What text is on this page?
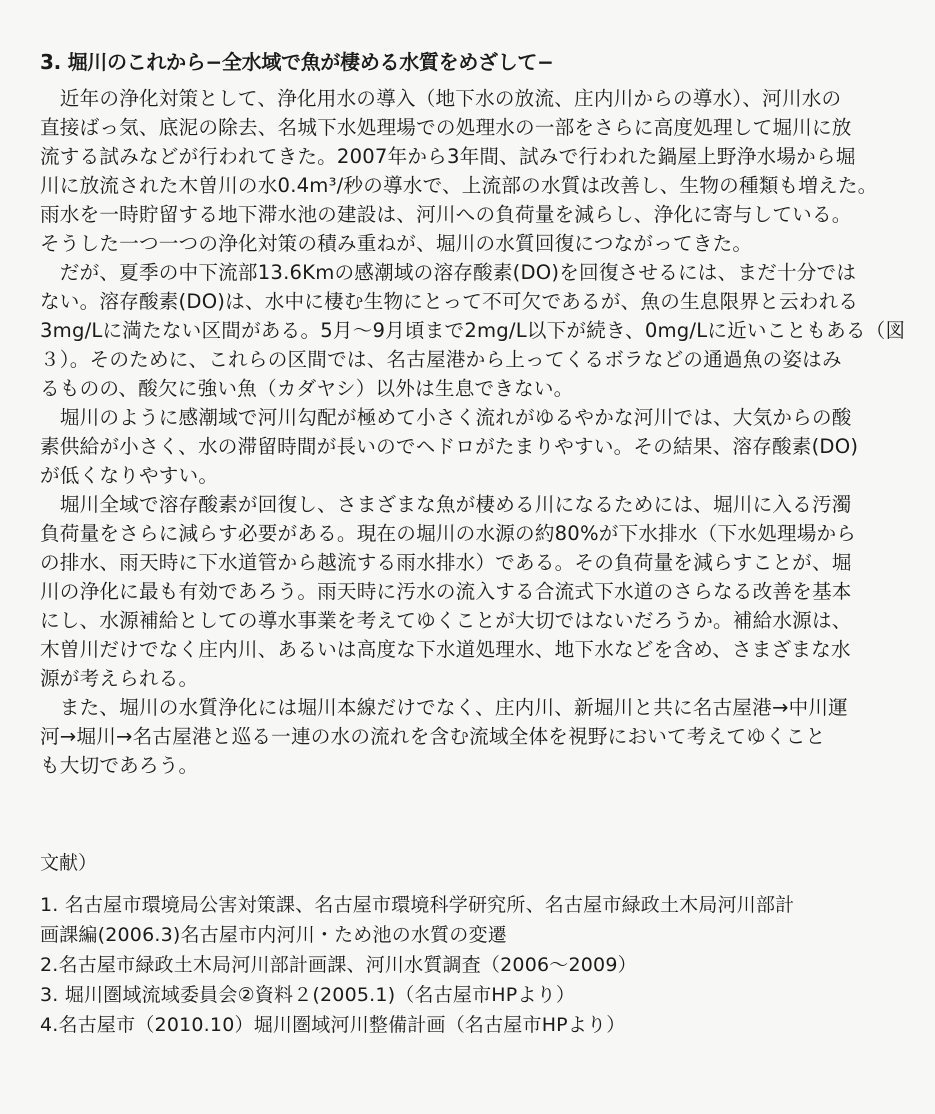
3. 堀川のこれから−全水域で魚が棲める水質をめざして−
　近年の浄化対策として、浄化用水の導入（地下水の放流、庄内川からの導水）、河川水の
直接ばっ気、底泥の除去、名城下水処理場での処理水の一部をさらに高度処理して堀川に放
流する試みなどが行われてきた。2007年から3年間、試みで行われた鍋屋上野浄水場から堀
川に放流された木曽川の水0.4m³/秒の導水で、上流部の水質は改善し、生物の種類も増えた。
雨水を一時貯留する地下滞水池の建設は、河川への負荷量を減らし、浄化に寄与している。
そうした一つ一つの浄化対策の積み重ねが、堀川の水質回復につながってきた。
　だが、夏季の中下流部13.6Kmの感潮域の溶存酸素(DO)を回復させるには、まだ十分では
ない。溶存酸素(DO)は、水中に棲む生物にとって不可欠であるが、魚の生息限界と云われる
3mg/Lに満たない区間がある。5月～9月頃まで2mg/L以下が続き、0mg/Lに近いこともある（図
３）。そのために、これらの区間では、名古屋港から上ってくるボラなどの通過魚の姿はみ
るものの、酸欠に強い魚（カダヤシ）以外は生息できない。
　堀川のように感潮域で河川勾配が極めて小さく流れがゆるやかな河川では、大気からの酸
素供給が小さく、水の滞留時間が長いのでヘドロがたまりやすい。その結果、溶存酸素(DO)
が低くなりやすい。
　堀川全域で溶存酸素が回復し、さまざまな魚が棲める川になるためには、堀川に入る汚濁
負荷量をさらに減らす必要がある。現在の堀川の水源の約80%が下水排水（下水処理場から
の排水、雨天時に下水道管から越流する雨水排水）である。その負荷量を減らすことが、堀
川の浄化に最も有効であろう。雨天時に汚水の流入する合流式下水道のさらなる改善を基本
にし、水源補給としての導水事業を考えてゆくことが大切ではないだろうか。補給水源は、
木曽川だけでなく庄内川、あるいは高度な下水道処理水、地下水などを含め、さまざまな水
源が考えられる。
　また、堀川の水質浄化には堀川本線だけでなく、庄内川、新堀川と共に名古屋港→中川運
河→堀川→名古屋港と巡る一連の水の流れを含む流域全体を視野において考えてゆくこと
も大切であろう。
文献）
1. 名古屋市環境局公害対策課、名古屋市環境科学研究所、名古屋市緑政土木局河川部計
画課編(2006.3)名古屋市内河川・ため池の水質の変遷
2.名古屋市緑政土木局河川部計画課、河川水質調査（2006～2009）
3. 堀川圏域流域委員会②資料２(2005.1)（名古屋市HPより）
4.名古屋市（2010.10）堀川圏域河川整備計画（名古屋市HPより）
